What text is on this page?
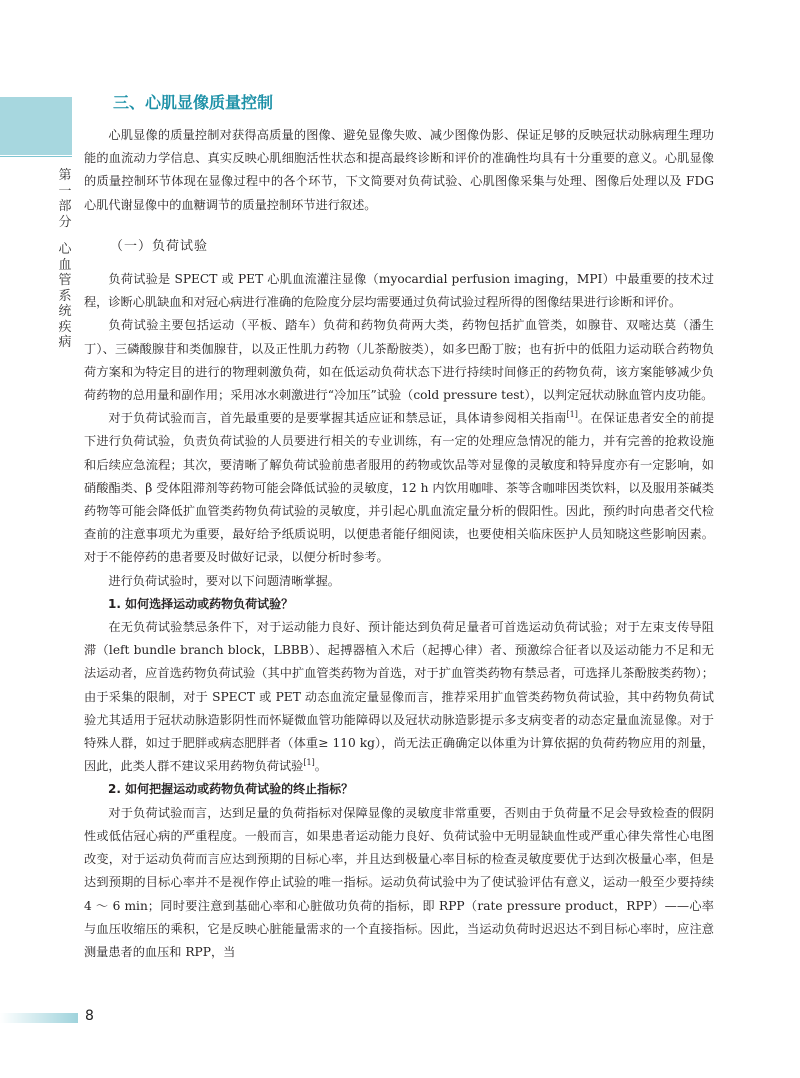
第
一
部
分
心
血
管
系
统
疾
病
三、心肌显像质量控制

心肌显像的质量控制对获得高质量的图像、避免显像失败、减少图像伪影、保证足够的反映冠状动脉病理生理功能的血流动力学信息、真实反映心肌细胞活性状态和提高最终诊断和评价的准确性均具有十分重要的意义。心肌显像的质量控制环节体现在显像过程中的各个环节，下文简要对负荷试验、心肌图像采集与处理、图像后处理以及 FDG 心肌代谢显像中的血糖调节的质量控制环节进行叙述。

（一）负荷试验

负荷试验是 SPECT 或 PET 心肌血流灌注显像（myocardial perfusion imaging，MPI）中最重要的技术过程，诊断心肌缺血和对冠心病进行准确的危险度分层均需要通过负荷试验过程所得的图像结果进行诊断和评价。

负荷试验主要包括运动（平板、踏车）负荷和药物负荷两大类，药物包括扩血管类，如腺苷、双嘧达莫（潘生丁）、三磷酸腺苷和类伽腺苷，以及正性肌力药物（儿茶酚胺类），如多巴酚丁胺；也有折中的低阻力运动联合药物负荷方案和为特定目的进行的物理刺激负荷，如在低运动负荷状态下进行持续时间修正的药物负荷，该方案能够减少负荷药物的总用量和副作用；采用冰水刺激进行“冷加压”试验（cold pressure test），以判定冠状动脉血管内皮功能。

对于负荷试验而言，首先最重要的是要掌握其适应证和禁忌证，具体请参阅相关指南[1]。在保证患者安全的前提下进行负荷试验，负责负荷试验的人员要进行相关的专业训练，有一定的处理应急情况的能力，并有完善的抢救设施和后续应急流程；其次，要清晰了解负荷试验前患者服用的药物或饮品等对显像的灵敏度和特异度亦有一定影响，如硝酸酯类、β 受体阻滞剂等药物可能会降低试验的灵敏度，12 h 内饮用咖啡、茶等含咖啡因类饮料，以及服用茶碱类药物等可能会降低扩血管类药物负荷试验的灵敏度，并引起心肌血流定量分析的假阳性。因此，预约时向患者交代检查前的注意事项尤为重要，最好给予纸质说明，以便患者能仔细阅读，也要使相关临床医护人员知晓这些影响因素。对于不能停药的患者要及时做好记录，以便分析时参考。

进行负荷试验时，要对以下问题清晰掌握。

1. 如何选择运动或药物负荷试验？

在无负荷试验禁忌条件下，对于运动能力良好、预计能达到负荷足量者可首选运动负荷试验；对于左束支传导阻滞（left bundle branch block，LBBB）、起搏器植入术后（起搏心律）者、预激综合征者以及运动能力不足和无法运动者，应首选药物负荷试验（其中扩血管类药物为首选，对于扩血管类药物有禁忌者，可选择儿茶酚胺类药物）；由于采集的限制，对于 SPECT 或 PET 动态血流定量显像而言，推荐采用扩血管类药物负荷试验，其中药物负荷试验尤其适用于冠状动脉造影阴性而怀疑微血管功能障碍以及冠状动脉造影提示多支病变者的动态定量血流显像。对于特殊人群，如过于肥胖或病态肥胖者（体重≥ 110 kg），尚无法正确确定以体重为计算依据的负荷药物应用的剂量，因此，此类人群不建议采用药物负荷试验[1]。

2. 如何把握运动或药物负荷试验的终止指标？

对于负荷试验而言，达到足量的负荷指标对保障显像的灵敏度非常重要，否则由于负荷量不足会导致检查的假阴性或低估冠心病的严重程度。一般而言，如果患者运动能力良好、负荷试验中无明显缺血性或严重心律失常性心电图改变，对于运动负荷而言应达到预期的目标心率，并且达到极量心率目标的检查灵敏度要优于达到次极量心率，但是达到预期的目标心率并不是视作停止试验的唯一指标。运动负荷试验中为了使试验评估有意义，运动一般至少要持续 4 ～ 6 min；同时要注意到基础心率和心脏做功负荷的指标，即 RPP（rate pressure product，RPP）——心率与血压收缩压的乘积，它是反映心脏能量需求的一个直接指标。因此，当运动负荷时迟迟达不到目标心率时，应注意测量患者的血压和 RPP，当

8
